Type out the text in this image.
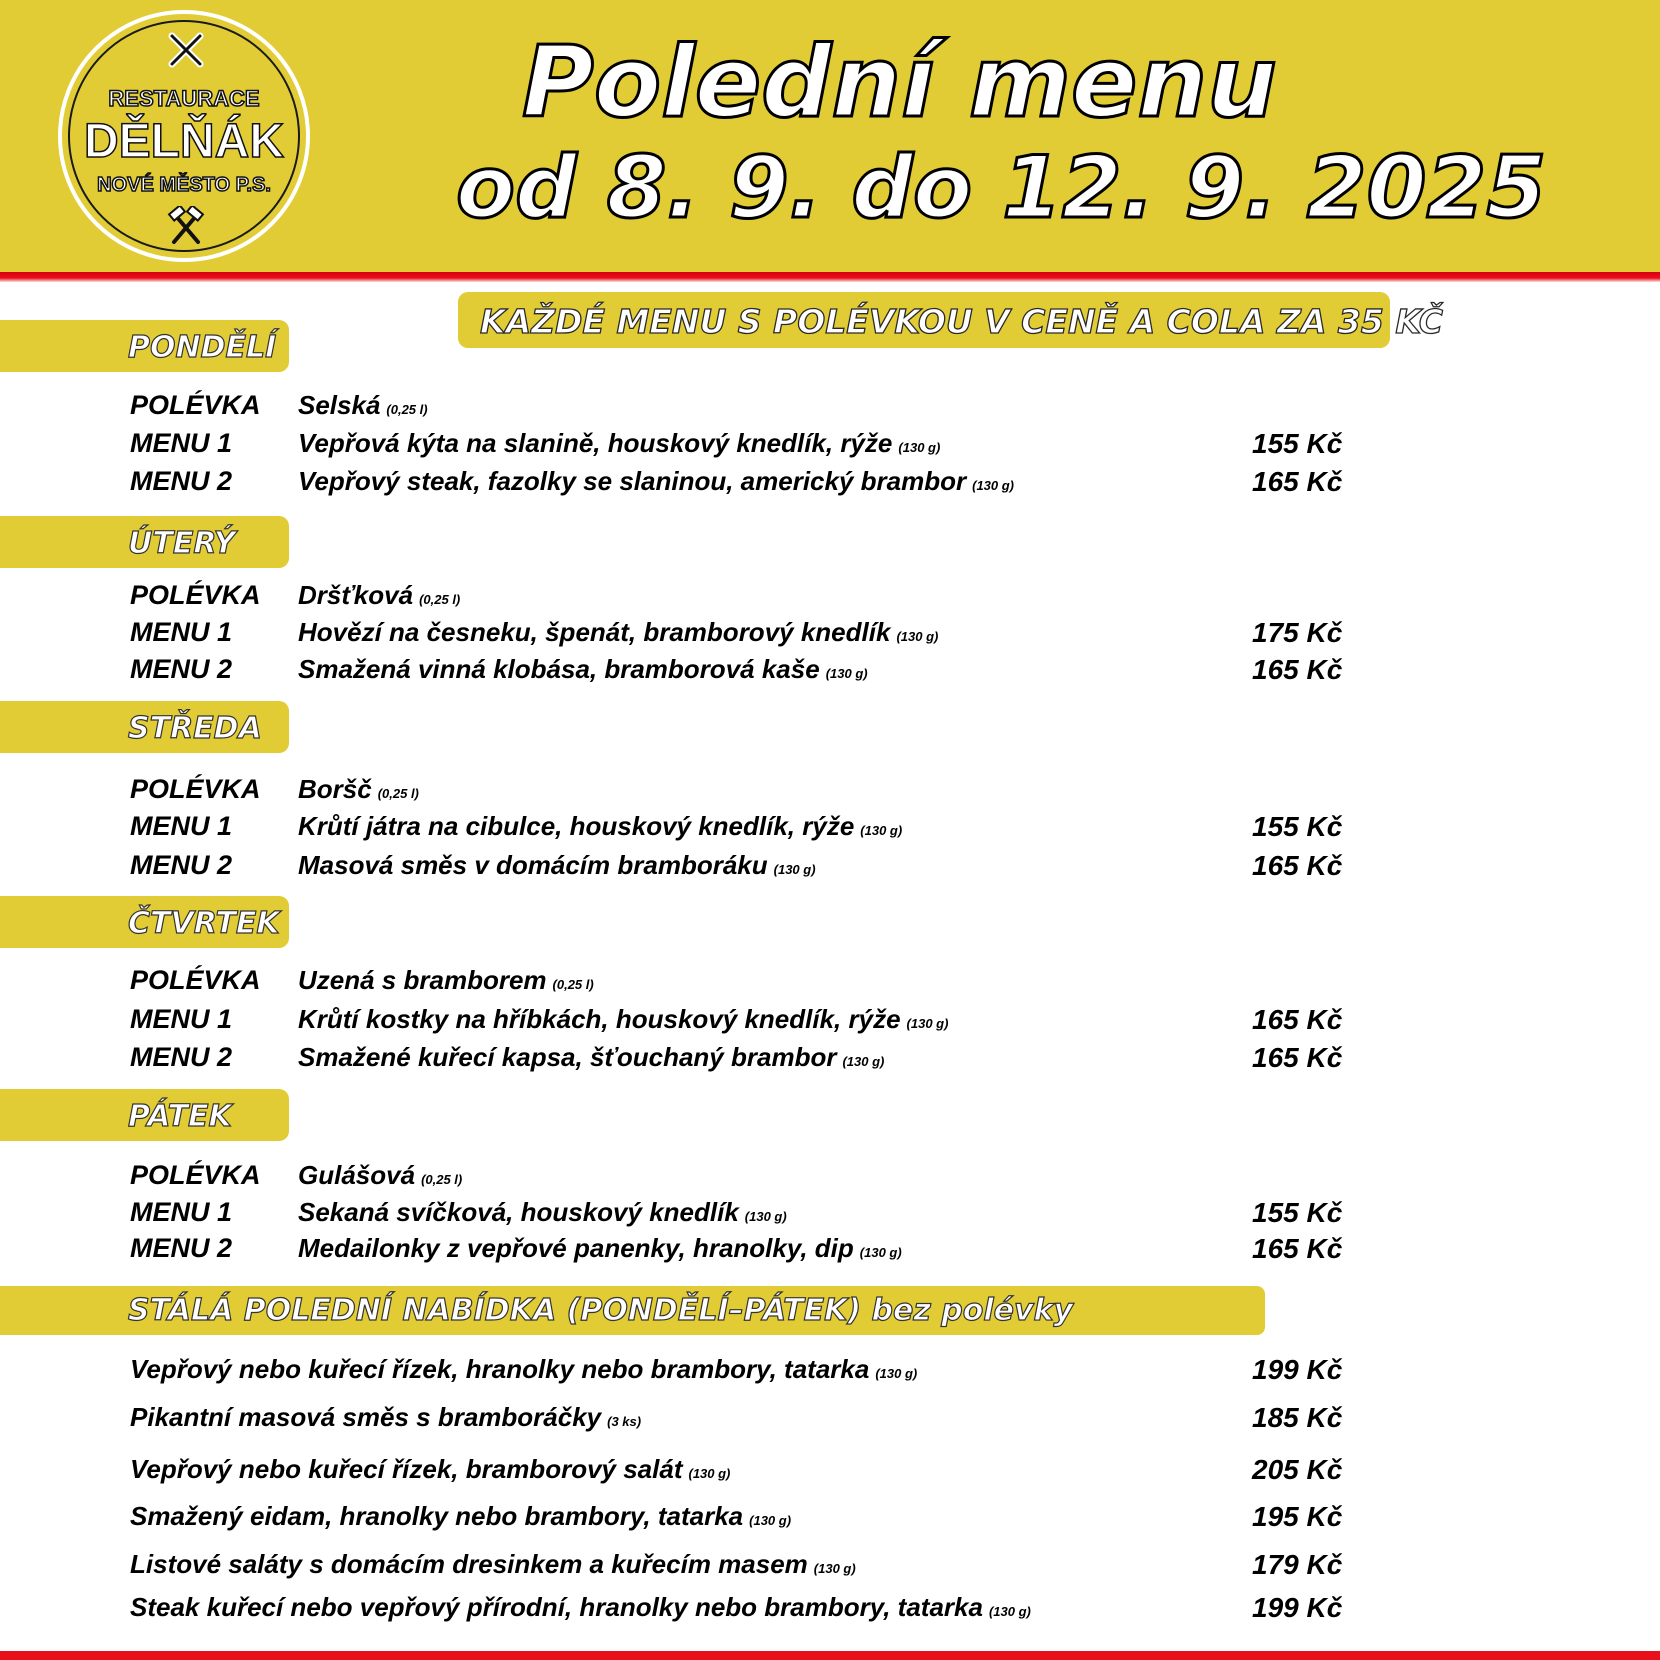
RESTAURACE
DĚLŇÁK
NOVÉ MĚSTO P.S.
Polední menu
od 8. 9. do 12. 9. 2025
KAŽDÉ MENU S POLÉVKOU V CENĚ A COLA ZA 35 KČ
PONDĚLÍ
POLÉVKA Selská (0,25 l)
MENU 1	Vepřová kýta na slanině, houskový knedlík, rýže (130 g)	155 Kč
MENU 2	Vepřový steak, fazolky se slaninou, americký brambor (130 g)	165 Kč
ÚTERÝ
POLÉVKA Dršťková (0,25 l)
MENU 1	Hovězí na česneku, špenát, bramborový knedlík (130 g)	175 Kč
MENU 2	Smažená vinná klobása, bramborová kaše (130 g)	165 Kč
STŘEDA
POLÉVKA Boršč (0,25 l)
MENU 1	Krůtí játra na cibulce, houskový knedlík, rýže (130 g)	155 Kč
MENU 2	Masová směs v domácím bramboráku (130 g)	165 Kč
ČTVRTEK
POLÉVKA Uzená s bramborem (0,25 l)
MENU 1	Krůtí kostky na hříbkách, houskový knedlík, rýže (130 g)	165 Kč
MENU 2	Smažené kuřecí kapsa, šťouchaný brambor (130 g)	165 Kč
PÁTEK
POLÉVKA Gulášová (0,25 l)
MENU 1	Sekaná svíčková, houskový knedlík (130 g)	155 Kč
MENU 2	Medailonky z vepřové panenky, hranolky, dip (130 g)	165 Kč
STÁLÁ POLEDNÍ NABÍDKA (PONDĚLÍ–PÁTEK) bez polévky
Vepřový nebo kuřecí řízek, hranolky nebo brambory, tatarka (130 g)	199 Kč
Pikantní masová směs s bramboráčky (3 ks)	185 Kč
Vepřový nebo kuřecí řízek, bramborový salát (130 g)	205 Kč
Smažený eidam, hranolky nebo brambory, tatarka (130 g)	195 Kč
Listové saláty s domácím dresinkem a kuřecím masem (130 g)	179 Kč
Steak kuřecí nebo vepřový přírodní, hranolky nebo brambory, tatarka (130 g)	199 Kč
